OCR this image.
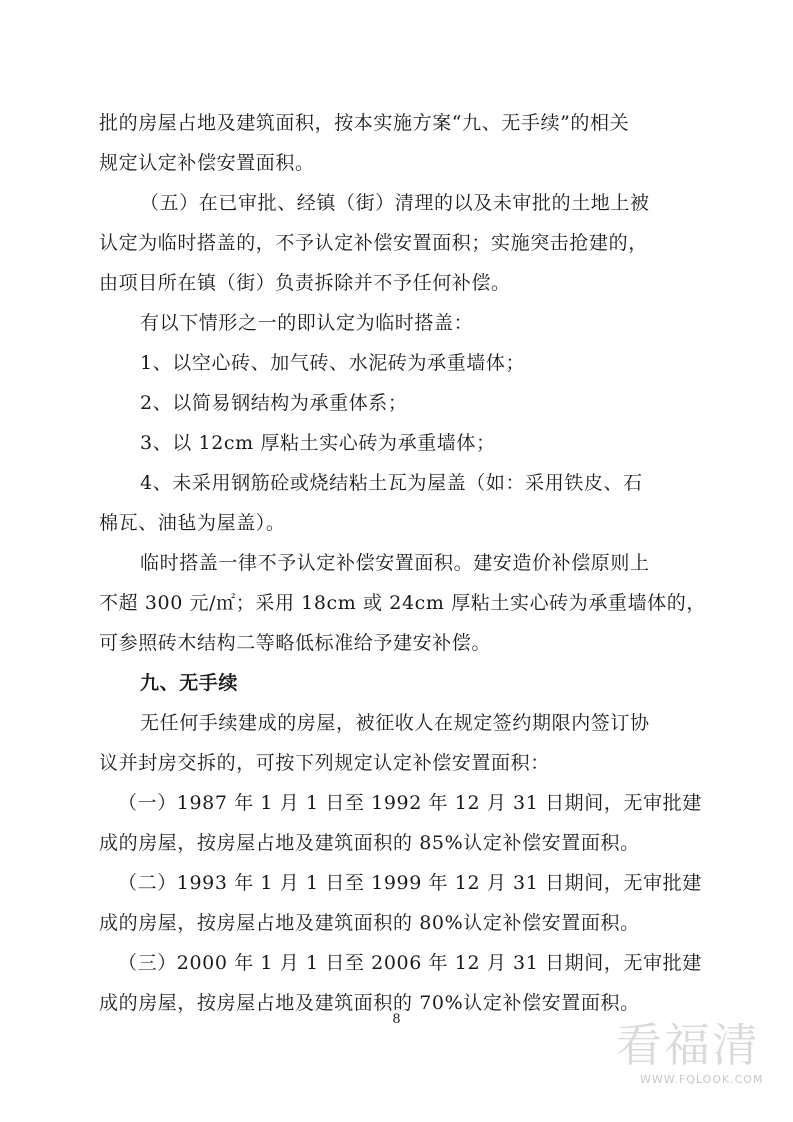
批的房屋占地及建筑面积，按本实施方案“九、无手续”的相关
规定认定补偿安置面积。
（五）在已审批、经镇（街）清理的以及未审批的土地上被
认定为临时搭盖的，不予认定补偿安置面积；实施突击抢建的，
由项目所在镇（街）负责拆除并不予任何补偿。
有以下情形之一的即认定为临时搭盖：
1、以空心砖、加气砖、水泥砖为承重墙体；
2、以简易钢结构为承重体系；
3、以 12cm 厚粘土实心砖为承重墙体；
4、未采用钢筋砼或烧结粘土瓦为屋盖（如：采用铁皮、石
棉瓦、油毡为屋盖）。
临时搭盖一律不予认定补偿安置面积。建安造价补偿原则上
不超 300 元/㎡；采用 18cm 或 24cm 厚粘土实心砖为承重墙体的，
可参照砖木结构二等略低标准给予建安补偿。
九、无手续
无任何手续建成的房屋，被征收人在规定签约期限内签订协
议并封房交拆的，可按下列规定认定补偿安置面积：
（一）1987 年 1 月 1 日至 1992 年 12 月 31 日期间，无审批建
成的房屋，按房屋占地及建筑面积的 85%认定补偿安置面积。
（二）1993 年 1 月 1 日至 1999 年 12 月 31 日期间，无审批建
成的房屋，按房屋占地及建筑面积的 80%认定补偿安置面积。
（三）2000 年 1 月 1 日至 2006 年 12 月 31 日期间，无审批建
成的房屋，按房屋占地及建筑面积的 70%认定补偿安置面积。
8	看福清
WWW.FQLOOK.COM
